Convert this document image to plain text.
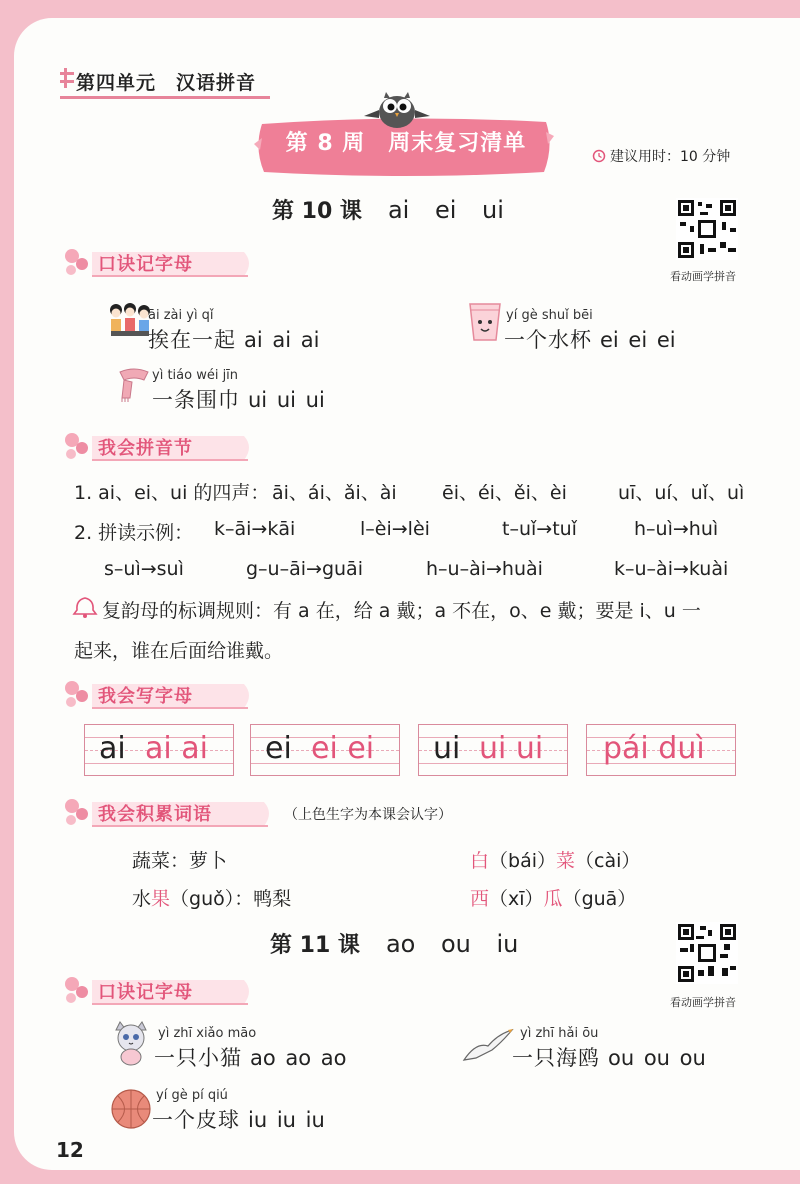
第四单元　汉语拼音
第 8 周　周末复习清单
建议用时：10 分钟
第 10 课 ai ei ui
看动画学拼音
口诀记字母
āi zài yì qǐ
挨在一起 ai ai ai
yí gè shuǐ bēi
一个水杯 ei ei ei
yì tiáo wéi jīn
一条围巾 ui ui ui
我会拼音节
1. ai、ei、ui 的四声： āi、ái、ǎi、ài ēi、éi、ěi、èi	uī、uí、uǐ、uì
2. 拼读示例： k–āi→kāi	l–èi→lèi	t–uǐ→tuǐ	h–uì→huì
s–uì→suì	g–u–āi→guāi	h–u–ài→huài	k–u–ài→kuài
复韵母的标调规则：有 a 在，给 a 戴；a 不在，o、e 戴；要是 i、u 一
起来，谁在后面给谁戴。
我会写字母
ai ai ai ei ei ei ui ui ui pái duì
我会积累词语	（上色生字为本课会认字）
蔬菜：萝卜	白（bái）菜（cài）
水果（guǒ）：鸭梨	西（xī）瓜（guā）
第 11 课 ao ou iu
看动画学拼音
口诀记字母
yì zhī xiǎo māo
一只小猫 ao ao ao
yì zhī hǎi ōu
一只海鸥 ou ou ou
yí gè pí qiú
一个皮球 iu iu iu
12
